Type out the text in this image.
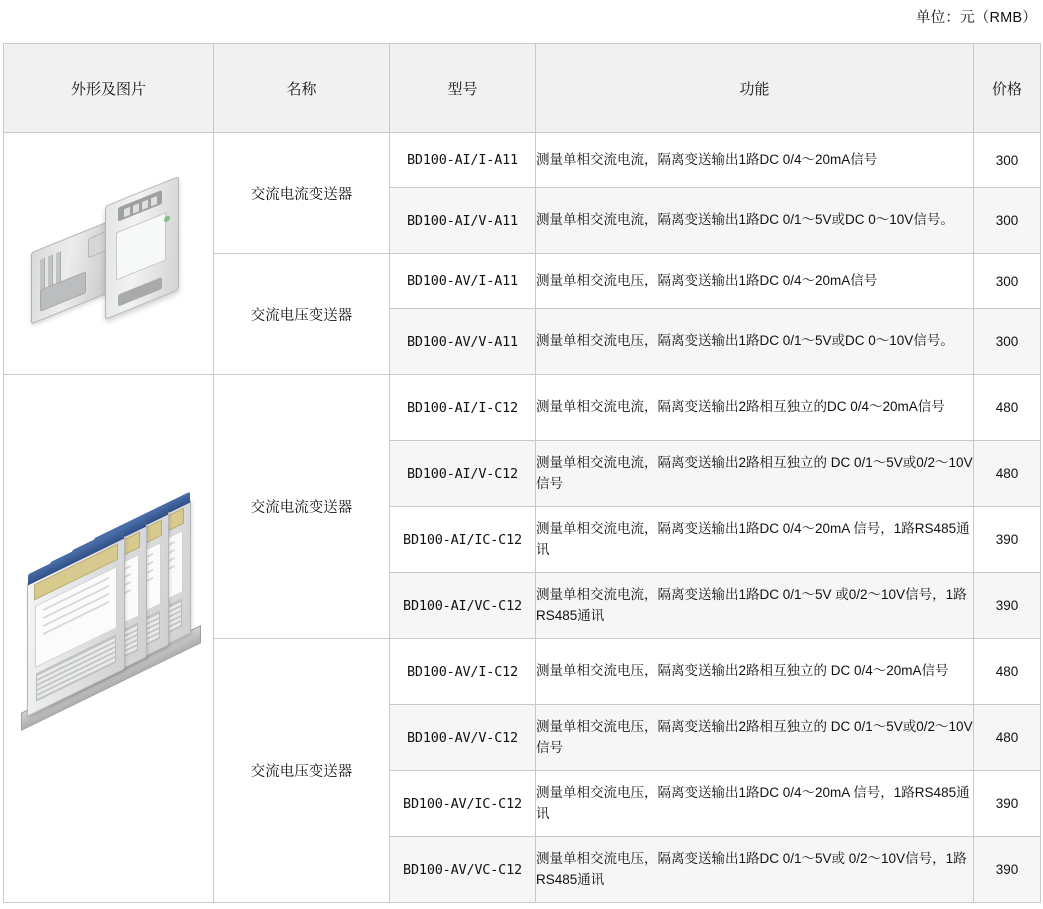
单位：元（RMB）
外形及图片	名称	型号	功能	价格

	交流电流变送器	BD100-AI/I-A11	测量单相交流电流，隔离变送输出1路DC 0/4～20mA信号	300
		BD100-AI/V-A11	测量单相交流电流，隔离变送输出1路DC 0/1～5V或DC 0～10V信号。	300
	交流电压变送器	BD100-AV/I-A11	测量单相交流电压，隔离变送输出1路DC 0/4～20mA信号	300
		BD100-AV/V-A11	测量单相交流电压，隔离变送输出1路DC 0/1～5V或DC 0～10V信号。	300

	交流电流变送器	BD100-AI/I-C12	测量单相交流电流，隔离变送输出2路相互独立的DC 0/4～20mA信号	480
		BD100-AI/V-C12	测量单相交流电流，隔离变送输出2路相互独立的 DC 0/1～5V或0/2～10V信号	480
		BD100-AI/IC-C12	测量单相交流电流，隔离变送输出1路DC 0/4～20mA 信号，1路RS485通讯	390
		BD100-AI/VC-C12	测量单相交流电流，隔离变送输出1路DC 0/1～5V 或0/2～10V信号，1路RS485通讯	390
	交流电压变送器	BD100-AV/I-C12	测量单相交流电压，隔离变送输出2路相互独立的 DC 0/4～20mA信号	480
		BD100-AV/V-C12	测量单相交流电压，隔离变送输出2路相互独立的 DC 0/1～5V或0/2～10V信号	480
		BD100-AV/IC-C12	测量单相交流电压，隔离变送输出1路DC 0/4～20mA 信号，1路RS485通讯	390
		BD100-AV/VC-C12	测量单相交流电压，隔离变送输出1路DC 0/1～5V或 0/2～10V信号，1路RS485通讯	390
